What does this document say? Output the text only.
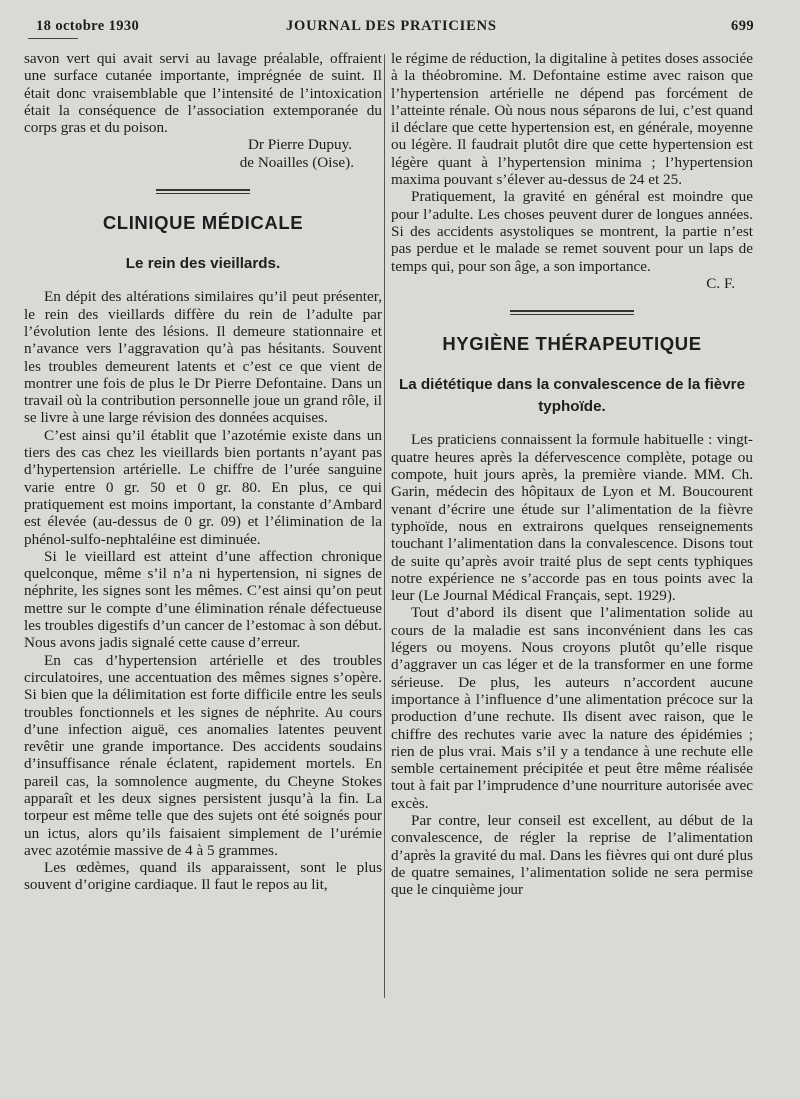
18 octobre 1930	JOURNAL DES PRATICIENS	699

savon vert qui avait servi au lavage préalable, offraient une surface cutanée importante, imprégnée de suint. Il était donc vraisemblable que l’intensité de l’intoxication était la conséquence de l’association extemporanée du corps gras et du poison.

Dr Pierre Dupuy.

de Noailles (Oise).

CLINIQUE MÉDICALE
Le rein des vieillards.

En dépit des altérations similaires qu’il peut présenter, le rein des vieillards diffère du rein de l’adulte par l’évolution lente des lésions. Il demeure stationnaire et n’avance vers l’aggravation qu’à pas hésitants. Souvent les troubles demeurent latents et c’est ce que vient de montrer une fois de plus le Dr Pierre Defontaine. Dans un travail où la contribution personnelle joue un grand rôle, il se livre à une large révision des données acquises.

C’est ainsi qu’il établit que l’azotémie existe dans un tiers des cas chez les vieillards bien portants n’ayant pas d’hypertension artérielle. Le chiffre de l’urée sanguine varie entre 0 gr. 50 et 0 gr. 80. En plus, ce qui pratiquement est moins important, la constante d’Ambard est élevée (au-dessus de 0 gr. 09) et l’élimination de la phénol-sulfo-nephtaléine est diminuée.

Si le vieillard est atteint d’une affection chronique quelconque, même s’il n’a ni hypertension, ni signes de néphrite, les signes sont les mêmes. C’est ainsi qu’on peut mettre sur le compte d’une élimination rénale défectueuse les troubles digestifs d’un cancer de l’estomac à son début. Nous avons jadis signalé cette cause d’erreur.

En cas d’hypertension artérielle et des troubles circulatoires, une accentuation des mêmes signes s’opère. Si bien que la délimitation est forte difficile entre les seuls troubles fonctionnels et les signes de néphrite. Au cours d’une infection aiguë, ces anomalies latentes peuvent revêtir une grande importance. Des accidents soudains d’insuffisance rénale éclatent, rapidement mortels. En pareil cas, la somnolence augmente, du Cheyne Stokes apparaît et les deux signes persistent jusqu’à la fin. La torpeur est même telle que des sujets ont été soignés pour un ictus, alors qu’ils faisaient simplement de l’urémie avec azotémie massive de 4 à 5 grammes.

Les œdèmes, quand ils apparaissent, sont le plus souvent d’origine cardiaque. Il faut le repos au lit,

le régime de réduction, la digitaline à petites doses associée à la théobromine. M. Defontaine estime avec raison que l’hypertension artérielle ne dépend pas forcément de l’atteinte rénale. Où nous nous séparons de lui, c’est quand il déclare que cette hypertension est, en générale, moyenne ou légère. Il faudrait plutôt dire que cette hypertension est légère quant à l’hypertension minima ; l’hypertension maxima pouvant s’élever au-dessus de 24 et 25.

Pratiquement, la gravité en général est moindre que pour l’adulte. Les choses peuvent durer de longues années. Si des accidents asystoliques se montrent, la partie n’est pas perdue et le malade se remet souvent pour un laps de temps qui, pour son âge, a son importance.

C. F.

HYGIÈNE THÉRAPEUTIQUE
La diététique dans la convalescence de la fièvre typhoïde.

Les praticiens connaissent la formule habituelle : vingt-quatre heures après la défervescence complète, potage ou compote, huit jours après, la première viande. MM. Ch. Garin, médecin des hôpitaux de Lyon et M. Boucourent venant d’écrire une étude sur l’alimentation de la fièvre typhoïde, nous en extrairons quelques renseignements touchant l’alimentation dans la convalescence. Disons tout de suite qu’après avoir traité plus de sept cents typhiques notre expérience ne s’accorde pas en tous points avec la leur (Le Journal Médical Français, sept. 1929).

Tout d’abord ils disent que l’alimentation solide au cours de la maladie est sans inconvénient dans les cas légers ou moyens. Nous croyons plutôt qu’elle risque d’aggraver un cas léger et de la transformer en une forme sérieuse. De plus, les auteurs n’accordent aucune importance à l’influence d’une alimentation précoce sur la production d’une rechute. Ils disent avec raison, que le chiffre des rechutes varie avec la nature des épidémies ; rien de plus vrai. Mais s’il y a tendance à une rechute elle semble certainement précipitée et peut être même réalisée tout à fait par l’imprudence d’une nourriture autorisée avec excès.

Par contre, leur conseil est excellent, au début de la convalescence, de régler la reprise de l’alimentation d’après la gravité du mal. Dans les fièvres qui ont duré plus de quatre semaines, l’alimentation solide ne sera permise que le cinquième jour
